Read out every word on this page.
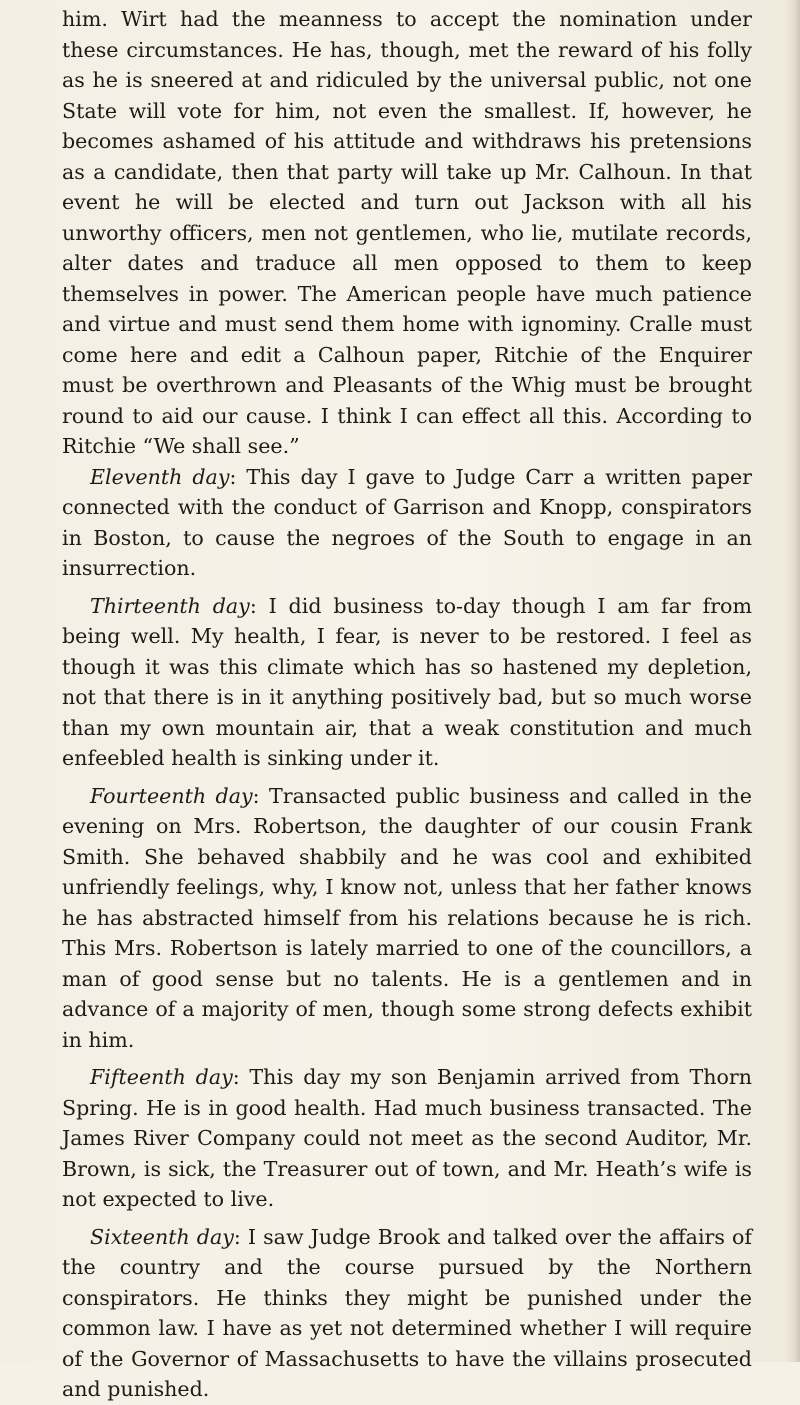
him. Wirt had the meanness to accept the nomination under these circumstances. He has, though, met the reward of his folly as he is sneered at and ridiculed by the universal public, not one State will vote for him, not even the smallest. If, however, he becomes ashamed of his attitude and withdraws his pretensions as a candidate, then that party will take up Mr. Calhoun. In that event he will be elected and turn out Jackson with all his unworthy officers, men not gentlemen, who lie, mutilate records, alter dates and traduce all men opposed to them to keep themselves in power. The American people have much patience and virtue and must send them home with ignominy. Cralle must come here and edit a Calhoun paper, Ritchie of the Enquirer must be overthrown and Pleasants of the Whig must be brought round to aid our cause. I think I can effect all this. According to Ritchie “We shall see.”

Eleventh day: This day I gave to Judge Carr a written paper connected with the conduct of Garrison and Knopp, conspirators in Boston, to cause the negroes of the South to engage in an insurrection.

Thirteenth day: I did business to-day though I am far from being well. My health, I fear, is never to be restored. I feel as though it was this climate which has so hastened my depletion, not that there is in it anything positively bad, but so much worse than my own mountain air, that a weak constitution and much enfeebled health is sinking under it.

Fourteenth day: Transacted public business and called in the evening on Mrs. Robertson, the daughter of our cousin Frank Smith. She behaved shabbily and he was cool and exhibited unfriendly feelings, why, I know not, unless that her father knows he has abstracted himself from his relations because he is rich. This Mrs. Robertson is lately married to one of the councillors, a man of good sense but no talents. He is a gentlemen and in advance of a majority of men, though some strong defects exhibit in him.

Fifteenth day: This day my son Benjamin arrived from Thorn Spring. He is in good health. Had much business transacted. The James River Company could not meet as the second Auditor, Mr. Brown, is sick, the Treasurer out of town, and Mr. Heath’s wife is not expected to live.

Sixteenth day: I saw Judge Brook and talked over the affairs of the country and the course pursued by the Northern conspirators. He thinks they might be punished under the common law. I have as yet not determined whether I will require of the Governor of Massachusetts to have the villains prosecuted and punished.
